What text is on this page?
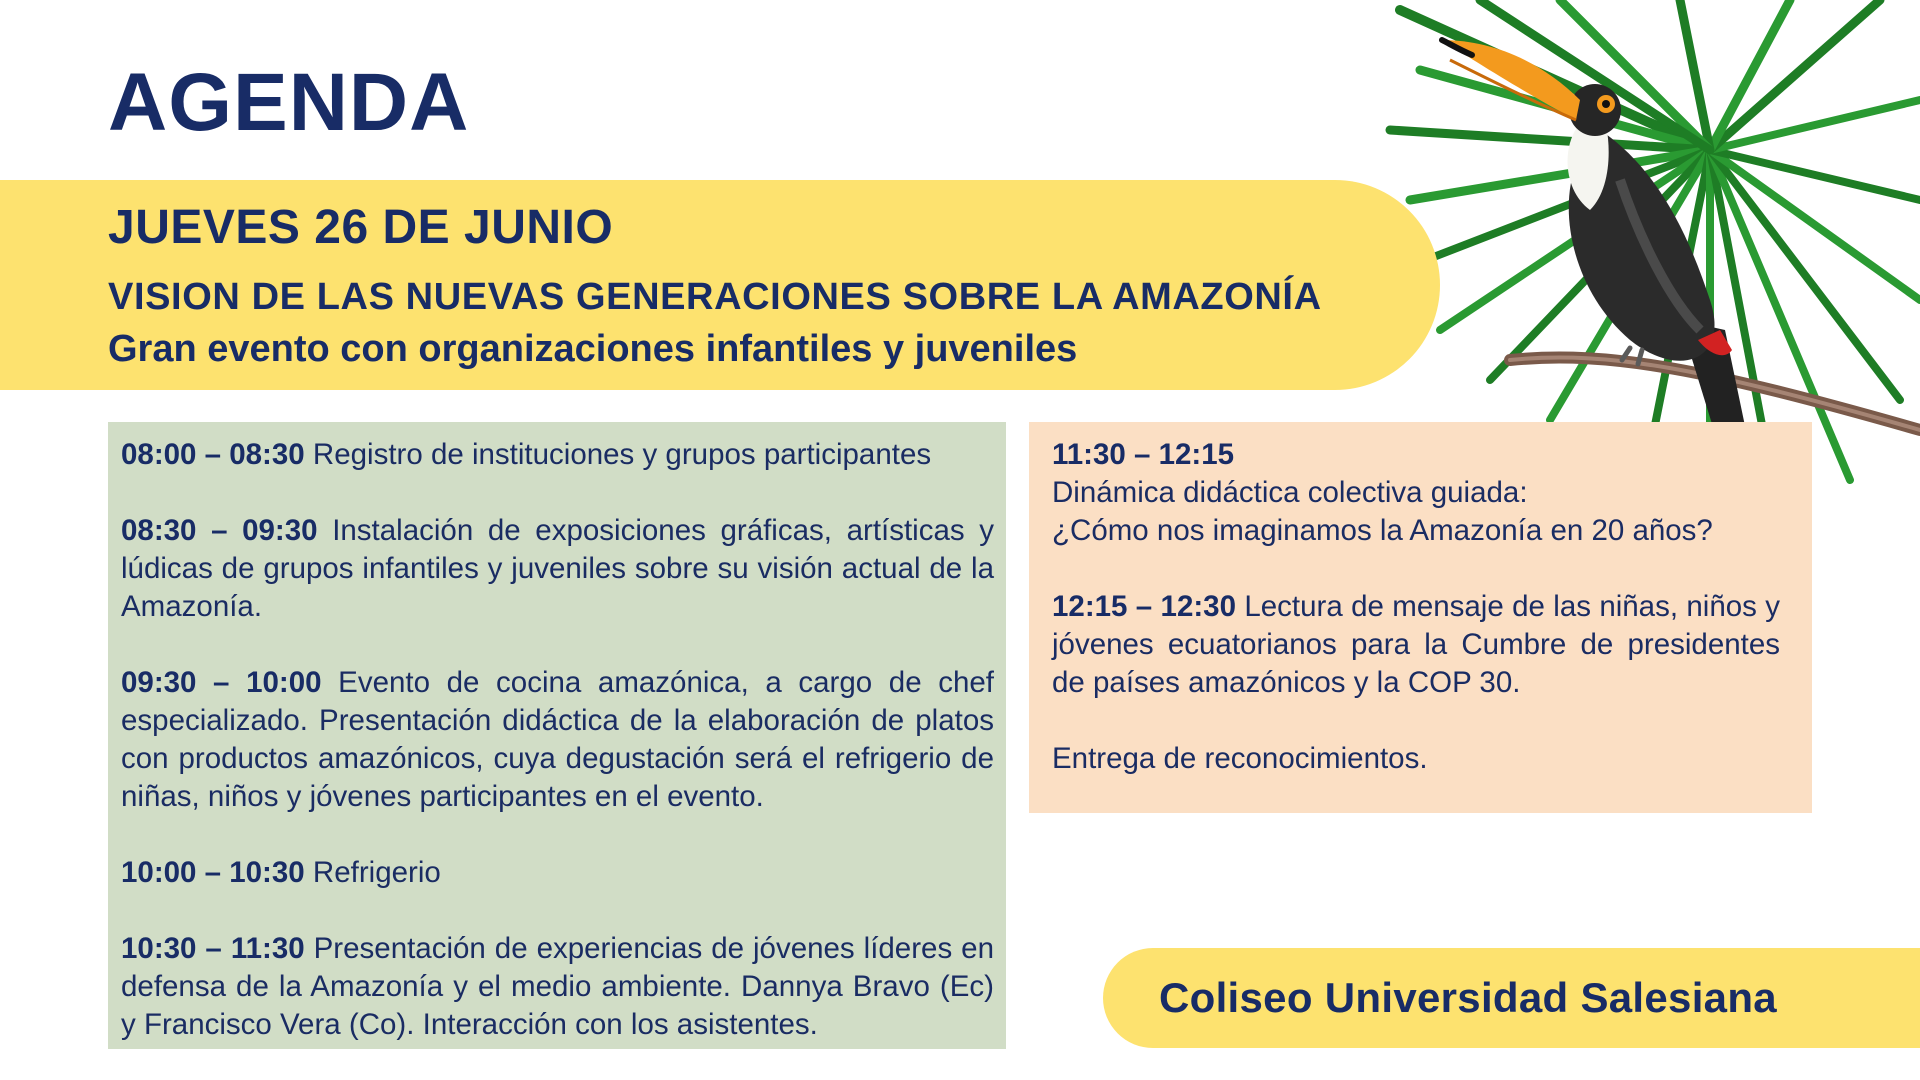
AGENDA
JUEVES 26 DE JUNIO
VISION DE LAS NUEVAS GENERACIONES SOBRE LA AMAZONÍA
Gran evento con organizaciones infantiles y juveniles

08:00 – 08:30 Registro de instituciones y grupos participantes

08:30 – 09:30 Instalación de exposiciones gráficas, artísticas y lúdicas de grupos infantiles y juveniles sobre su visión actual de la Amazonía.

09:30 – 10:00 Evento de cocina amazónica, a cargo de chef especializado. Presentación didáctica de la elaboración de platos con productos amazónicos, cuya degustación será el refrigerio de niñas, niños y jóvenes participantes en el evento.

10:00 – 10:30 Refrigerio

10:30 – 11:30 Presentación de experiencias de jóvenes líderes en defensa de la Amazonía y el medio ambiente. Dannya Bravo (Ec) y Francisco Vera (Co). Interacción con los asistentes.

11:30 – 12:15
Dinámica didáctica colectiva guiada:
¿Cómo nos imaginamos la Amazonía en 20 años?

12:15 – 12:30 Lectura de mensaje de las niñas, niños y jóvenes ecuatorianos para la Cumbre de presidentes de países amazónicos y la COP 30.

Entrega de reconocimientos.

Coliseo Universidad Salesiana
